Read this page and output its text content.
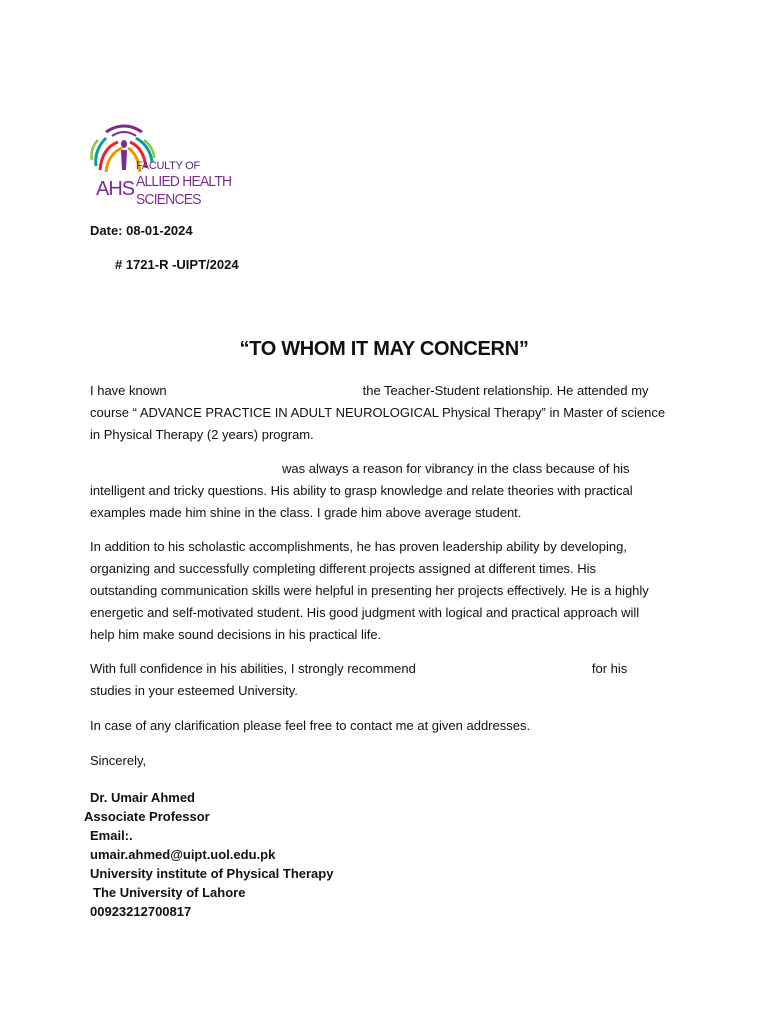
AHS
FACULTY OF
ALLIED HEALTH
SCIENCES
Date: 08-01-2024
# 1721-R -UIPT/2024
“TO WHOM IT MAY CONCERN”
I have known	the Teacher-Student relationship. He attended my
course “ ADVANCE PRACTICE IN ADULT NEUROLOGICAL Physical Therapy” in Master of science
in Physical Therapy (2 years) program.
was always a reason for vibrancy in the class because of his
intelligent and tricky questions. His ability to grasp knowledge and relate theories with practical
examples made him shine in the class. I grade him above average student.
In addition to his scholastic accomplishments, he has proven leadership ability by developing,
organizing and successfully completing different projects assigned at different times. His
outstanding communication skills were helpful in presenting her projects effectively. He is a highly
energetic and self-motivated student. His good judgment with logical and practical approach will
help him make sound decisions in his practical life.
With full confidence in his abilities, I strongly recommend	for his
studies in your esteemed University.
In case of any clarification please feel free to contact me at given addresses.
Sincerely,
Dr. Umair Ahmed
Associate Professor
Email:.
umair.ahmed@uipt.uol.edu.pk
University institute of Physical Therapy
The University of Lahore
00923212700817
